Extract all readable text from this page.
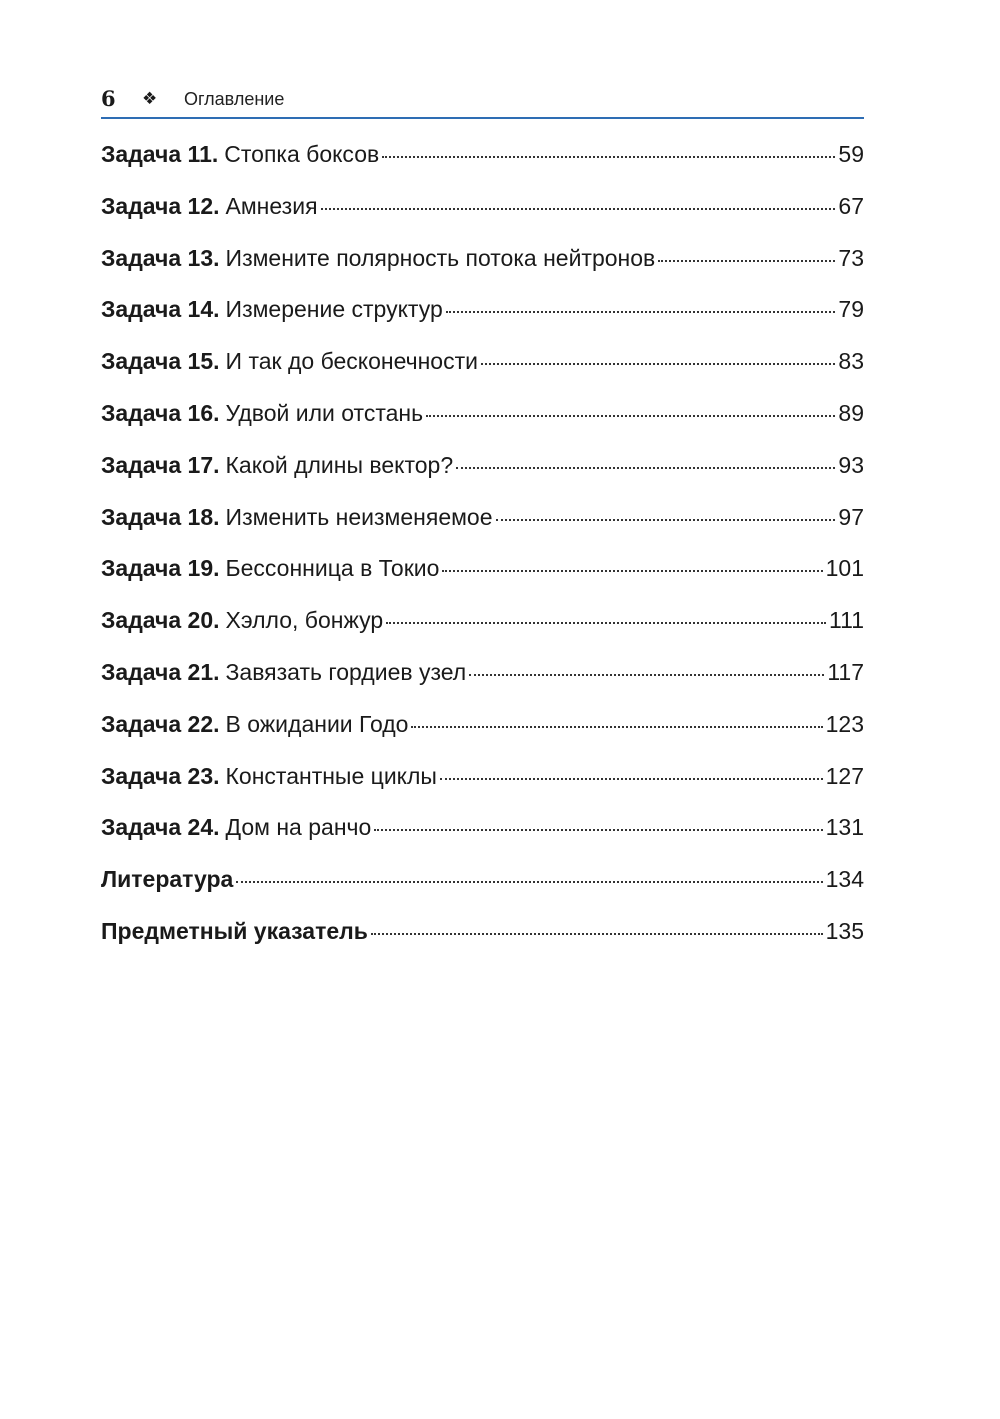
6 ❖ Оглавление
Задача 11. Стопка боксов	59
Задача 12. Амнезия	67
Задача 13. Измените полярность потока нейтронов	73
Задача 14. Измерение структур	79
Задача 15. И так до бесконечности	83
Задача 16. Удвой или отстань	89
Задача 17. Какой длины вектор?	93
Задача 18. Изменить неизменяемое	97
Задача 19. Бессонница в Токио	101
Задача 20. Хэлло, бонжур	111
Задача 21. Завязать гордиев узел	117
Задача 22. В ожидании Годо	123
Задача 23. Константные циклы	127
Задача 24. Дом на ранчо	131
Литература	134
Предметный указатель	135
